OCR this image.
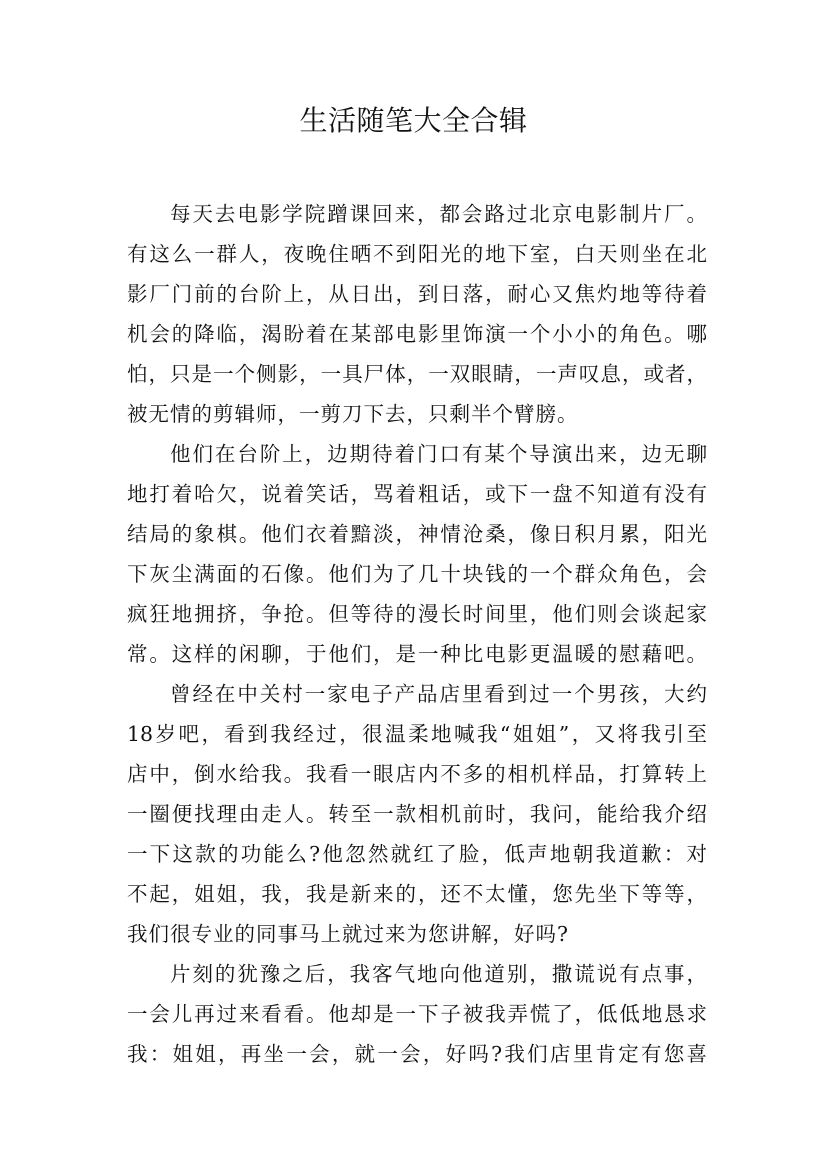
生活随笔大全合辑

每天去电影学院蹭课回来，都会路过北京电影制片厂。

有这么一群人，夜晚住晒不到阳光的地下室，白天则坐在北

影厂门前的台阶上，从日出，到日落，耐心又焦灼地等待着

机会的降临，渴盼着在某部电影里饰演一个小小的角色。哪

怕，只是一个侧影，一具尸体，一双眼睛，一声叹息，或者，

被无情的剪辑师，一剪刀下去，只剩半个臂膀。

他们在台阶上，边期待着门口有某个导演出来，边无聊

地打着哈欠，说着笑话，骂着粗话，或下一盘不知道有没有

结局的象棋。他们衣着黯淡，神情沧桑，像日积月累，阳光

下灰尘满面的石像。他们为了几十块钱的一个群众角色，会

疯狂地拥挤，争抢。但等待的漫长时间里，他们则会谈起家

常。这样的闲聊，于他们，是一种比电影更温暖的慰藉吧。

曾经在中关村一家电子产品店里看到过一个男孩，大约

18岁吧，看到我经过，很温柔地喊我“姐姐”，又将我引至

店中，倒水给我。我看一眼店内不多的相机样品，打算转上

一圈便找理由走人。转至一款相机前时，我问，能给我介绍

一下这款的功能么?他忽然就红了脸，低声地朝我道歉：对

不起，姐姐，我，我是新来的，还不太懂，您先坐下等等，

我们很专业的同事马上就过来为您讲解，好吗?

片刻的犹豫之后，我客气地向他道别，撒谎说有点事，

一会儿再过来看看。他却是一下子被我弄慌了，低低地恳求

我：姐姐，再坐一会，就一会，好吗?我们店里肯定有您喜
